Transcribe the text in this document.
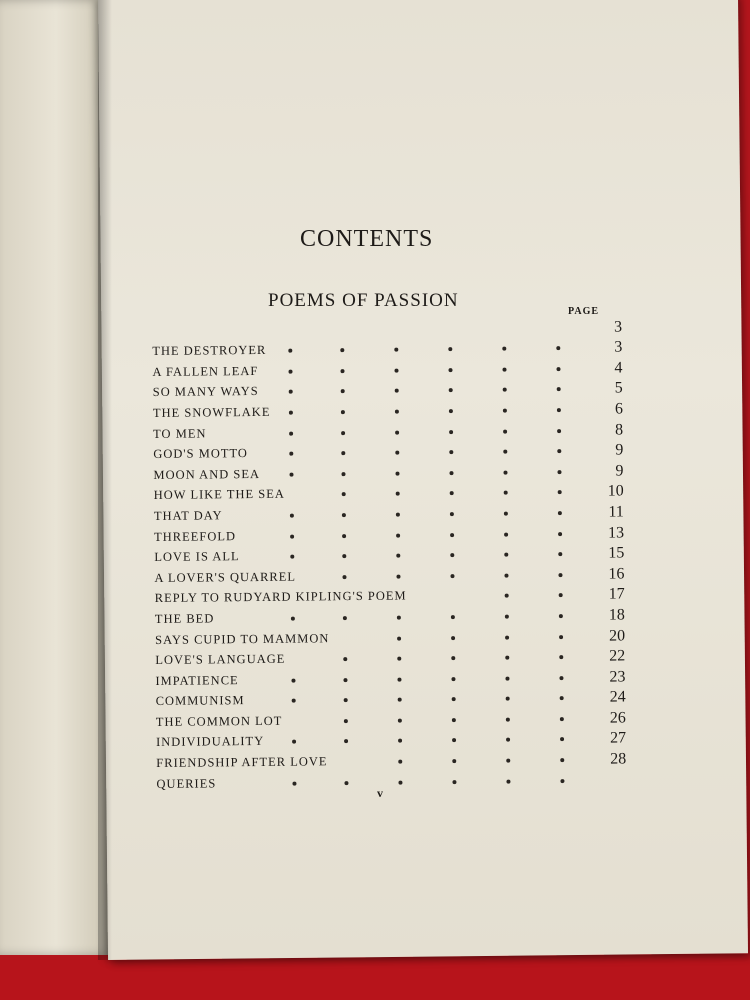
CONTENTS
POEMS OF PASSION
PAGE
3
THE DESTROYER	3
A FALLEN LEAF	4
SO MANY WAYS	5
THE SNOWFLAKE	6
TO MEN	8
GOD'S MOTTO	9
MOON AND SEA	9
HOW LIKE THE SEA	10
THAT DAY	11
THREEFOLD	13
LOVE IS ALL	15
A LOVER'S QUARREL	16
REPLY TO RUDYARD KIPLING'S POEM	17
THE BED	18
SAYS CUPID TO MAMMON	20
LOVE'S LANGUAGE	22
IMPATIENCE	23
COMMUNISM	24
THE COMMON LOT	26
INDIVIDUALITY	27
FRIENDSHIP AFTER LOVE	28
QUERIES
v
